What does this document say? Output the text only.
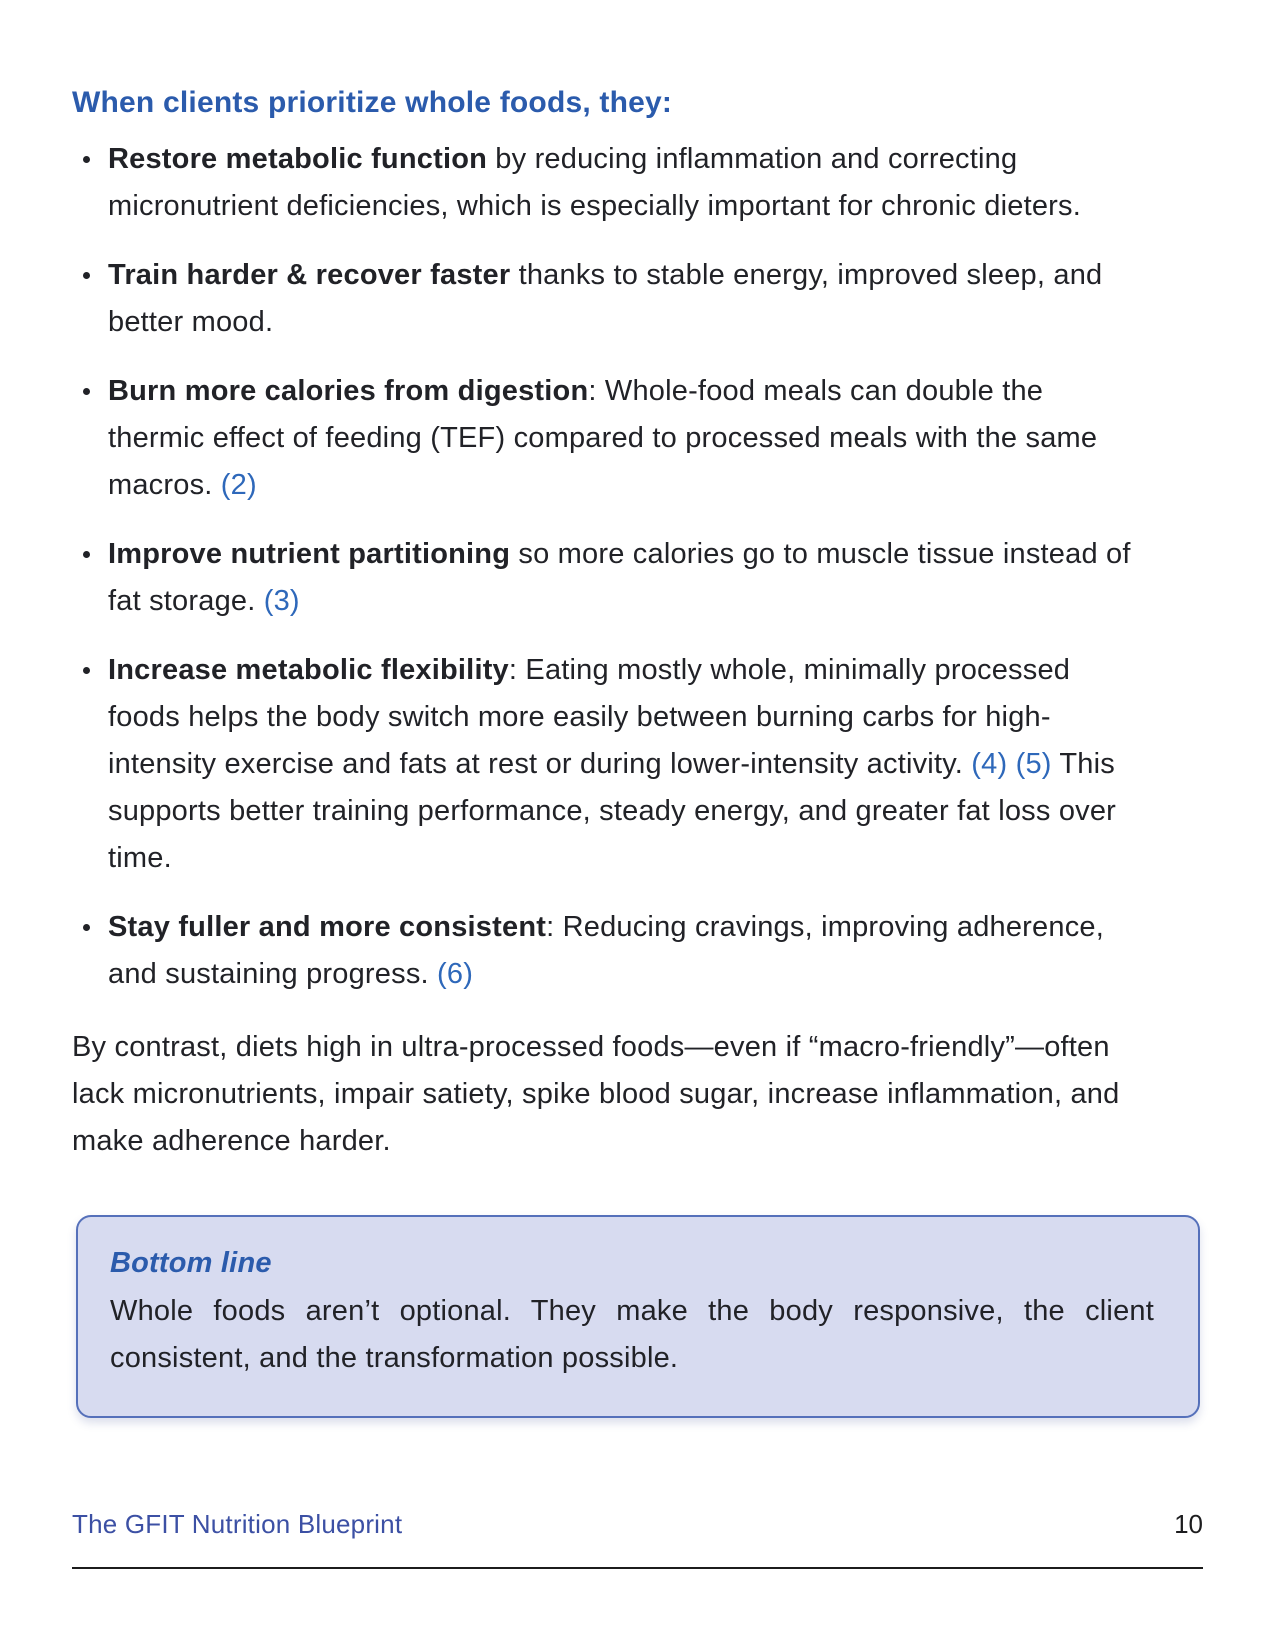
When clients prioritize whole foods, they:
Restore metabolic function by reducing inflammation and correcting micronutrient deficiencies, which is especially important for chronic dieters.
Train harder & recover faster thanks to stable energy, improved sleep, and better mood.
Burn more calories from digestion: Whole-food meals can double the thermic effect of feeding (TEF) compared to processed meals with the same macros. (2)
Improve nutrient partitioning so more calories go to muscle tissue instead of fat storage. (3)
Increase metabolic flexibility: Eating mostly whole, minimally processed foods helps the body switch more easily between burning carbs for high-intensity exercise and fats at rest or during lower-intensity activity. (4) (5) This supports better training performance, steady energy, and greater fat loss over time.
Stay fuller and more consistent: Reducing cravings, improving adherence, and sustaining progress. (6)

By contrast, diets high in ultra-processed foods—even if “macro-friendly”—often lack micronutrients, impair satiety, spike blood sugar, increase inflammation, and make adherence harder.

Bottom line

Whole foods aren’t optional. They make the body responsive, the client consistent, and the transformation possible.

The GFIT Nutrition Blueprint	10
